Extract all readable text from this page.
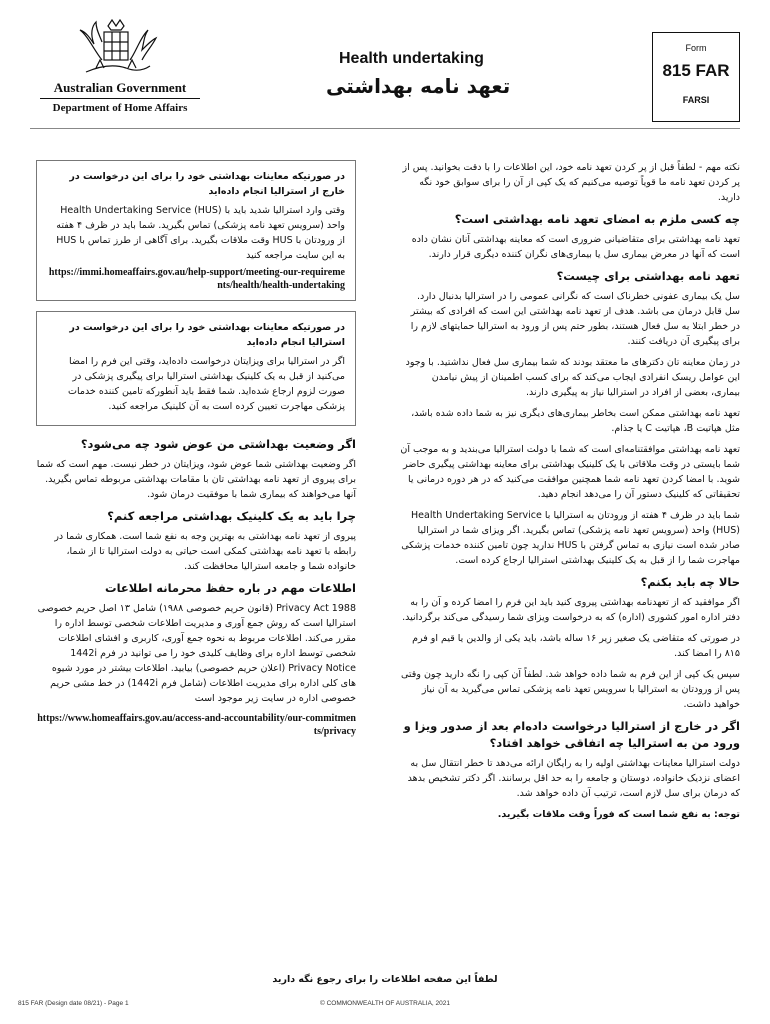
Australian Government
Department of Home Affairs
Health undertaking
تعهد نامه بهداشتی
Form
815 FAR
FARSI

نکته مهم - لطفاً قبل از پر کردن تعهد نامه خود، این اطلاعات را با دقت بخوانید. پس از پر کردن تعهد نامه ما قویاً توصیه می‌کنیم که یک کپی از آن را برای سوابق خود نگه دارید.

چه کسی ملزم به امضای تعهد نامه بهداشتی است؟

تعهد نامه بهداشتی برای متقاضیانی ضروری است که معاینه بهداشتی آنان نشان داده است که آنها در معرض بیماری سل یا بیماری‌های نگران کننده دیگری قرار دارند.

تعهد نامه بهداشتی برای چیست؟

سل یک بیماری عفونی خطرناک است که نگرانی عمومی را در استرالیا بدنبال دارد. سل قابل درمان می باشد. هدف از تعهد نامه بهداشتی این است که افرادی که بیشتر در خطر ابتلا به سل فعال هستند، بطور حتم پس از ورود به استرالیا حمایتهای لازم را برای پیگیری آن دریافت کنند.

در زمان معاینه تان دکترهای ما معتقد بودند که شما بیماری سل فعال نداشتید. با وجود این عوامل ریسک انفرادی ایجاب می‌کند که برای کسب اطمینان از پیش نیامدن بیماری، بعضی از افراد در استرالیا نیاز به پیگیری دارند.

تعهد نامه بهداشتی ممکن است بخاطر بیماری‌های دیگری نیز به شما داده شده باشد، مثل هپاتیت B، هپاتیت C یا جذام.

تعهد نامه بهداشتی موافقتنامه‌ای است که شما با دولت استرالیا می‌بندید و به موجب آن شما بایستی در وقت ملاقاتی با یک کلینیک بهداشتی برای معاینه بهداشتی پیگیری حاضر شوید. با امضا کردن تعهد نامه شما همچنین موافقت می‌کنید که در هر دوره درمانی یا تحقیقاتی که کلینیک دستور آن را می‌دهد انجام دهید.

شما باید در ظرف ۴ هفته از ورودتان به استرالیا با Health Undertaking Service (HUS) واحد (سرویس تعهد نامه پزشکی) تماس بگیرید. اگر ویزای شما در استرالیا صادر شده است نیازی به تماس گرفتن با HUS ندارید چون تامین کننده خدمات پزشکی مهاجرت شما را از قبل به یک کلینیک بهداشتی استرالیا ارجاع کرده است.

حالا چه باید بکنم؟

اگر موافقید که از تعهدنامه بهداشتی پیروی کنید باید این فرم را امضا کرده و آن را به دفتر اداره امور کشوری (اداره) که به درخواست ویزای شما رسیدگی می‌کند برگردانید.

در صورتی که متقاضی یک صغیر زیر ۱۶ ساله باشد، باید یکی از والدین یا قیم او فرم ۸۱۵ را امضا کند.

سپس یک کپی از این فرم به شما داده خواهد شد. لطفاً آن کپی را نگه دارید چون وقتی پس از ورودتان به استرالیا با سرویس تعهد نامه پزشکی تماس می‌گیرید به آن نیاز خواهید داشت.

اگر در خارج از استرالیا درخواست داده‌ام بعد از صدور ویزا و ورود من به استرالیا چه اتفاقی خواهد افتاد؟

دولت استرالیا معاینات بهداشتی اولیه را به رایگان ارائه می‌دهد تا خطر انتقال سل به اعضای نزدیک خانواده، دوستان و جامعه را به حد اقل برسانند. اگر دکتر تشخیص بدهد که درمان برای سل لازم است، ترتیب آن داده خواهد شد.

توجه: به نفع شما است که فوراً وقت ملاقات بگیرید.

در صورتیکه معاینات بهداشتی خود را برای این درخواست در خارج از استرالیا انجام داده‌اید
وقتی وارد استرالیا شدید باید با Health Undertaking Service (HUS) واحد (سرویس تعهد نامه پزشکی) تماس بگیرید. شما باید در ظرف ۴ هفته از ورودتان با HUS وقت ملاقات بگیرید. برای آگاهی از طرز تماس با HUS به این سایت مراجعه کنید
https://immi.homeaffairs.gov.au/help-support/meeting-our-requirements/health/health-undertaking
در صورتیکه معاینات بهداشتی خود را برای این درخواست در استرالیا انجام داده‌اید
اگر در استرالیا برای ویزایتان درخواست داده‌اید، وقتی این فرم را امضا می‌کنید از قبل به یک کلینیک بهداشتی استرالیا برای پیگیری پزشکی در صورت لزوم ارجاع شده‌اید. شما فقط باید آنطورکه تامین کننده خدمات پزشکی مهاجرت تعیین کرده است به آن کلینیک مراجعه کنید.
اگر وضعیت بهداشتی من عوض شود چه می‌شود؟

اگر وضعیت بهداشتی شما عوض شود، ویزایتان در خطر نیست. مهم است که شما برای پیروی از تعهد نامه بهداشتی تان با مقامات بهداشتی مربوطه تماس بگیرید. آنها می‌خواهند که بیماری شما با موفقیت درمان شود.

چرا باید به یک کلینیک بهداشتی مراجعه کنم؟

پیروی از تعهد نامه بهداشتی به بهترین وجه به نفع شما است. همکاری شما در رابطه با تعهد نامه بهداشتی کمکی است حیاتی به دولت استرالیا تا از شما، خانواده شما و جامعه استرالیا محافظت کند.

اطلاعات مهم در باره حفظ محرمانه اطلاعات

Privacy Act 1988 (قانون حریم خصوصی ۱۹۸۸) شامل ۱۳ اصل حریم خصوصی استرالیا است که روش جمع آوری و مدیریت اطلاعات شخصی توسط اداره را مقرر می‌کند. اطلاعات مربوط به نحوه جمع آوری، کاربری و افشای اطلاعات شخصی توسط اداره برای وظایف کلیدی خود را می توانید در فرم 1442i Privacy Notice (اعلان حریم خصوصی) بیابید. اطلاعات بیشتر در مورد شیوه های کلی اداره برای مدیریت اطلاعات (شامل فرم 1442i) در خط مشی حریم خصوصی اداره در سایت زیر موجود است

https://www.homeaffairs.gov.au/access-and-accountability/our-commitments/privacy
لطفاً این صفحه اطلاعات را برای رجوع نگه دارید
815 FAR (Design date 08/21) - Page 1	© COMMONWEALTH OF AUSTRALIA, 2021
